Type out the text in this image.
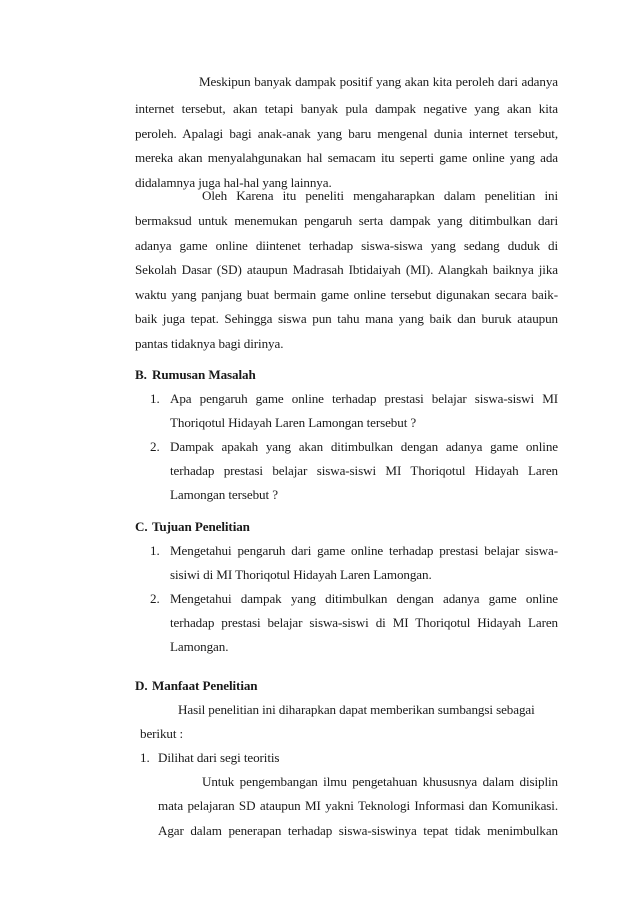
Meskipun banyak dampak positif yang akan kita peroleh dari adanya

internet tersebut, akan tetapi banyak pula dampak negative yang akan kita

peroleh. Apalagi bagi anak-anak yang baru mengenal dunia internet tersebut,

mereka akan menyalahgunakan hal semacam itu seperti game online yang ada

didalamnya juga hal-hal yang lainnya.

Oleh Karena itu peneliti mengaharapkan dalam penelitian ini

bermaksud untuk menemukan pengaruh serta dampak yang ditimbulkan dari

adanya game online diintenet terhadap siswa-siswa yang sedang duduk di

Sekolah Dasar (SD) ataupun Madrasah Ibtidaiyah (MI). Alangkah baiknya jika

waktu yang panjang buat bermain game online tersebut digunakan secara baik-

baik juga tepat. Sehingga siswa pun tahu mana yang baik dan buruk ataupun

pantas tidaknya bagi dirinya.

B. Rumusan Masalah

1. Apa pengaruh game online terhadap prestasi belajar siswa-siswi MI

Thoriqotul Hidayah Laren Lamongan tersebut ?

2. Dampak apakah yang akan ditimbulkan dengan adanya game online

terhadap prestasi belajar siswa-siswi MI Thoriqotul Hidayah Laren

Lamongan tersebut ?

C. Tujuan Penelitian

1. Mengetahui pengaruh dari game online terhadap prestasi belajar siswa-

sisiwi di MI Thoriqotul Hidayah Laren Lamongan.

2. Mengetahui dampak yang ditimbulkan dengan adanya game online

terhadap prestasi belajar siswa-siswi di MI Thoriqotul Hidayah Laren

Lamongan.

D. Manfaat Penelitian

Hasil penelitian ini diharapkan dapat memberikan sumbangsi sebagai

berikut :

1. Dilihat dari segi teoritis

Untuk pengembangan ilmu pengetahuan khususnya dalam disiplin

mata pelajaran SD ataupun MI yakni Teknologi Informasi dan Komunikasi.

Agar dalam penerapan terhadap siswa-siswinya tepat tidak menimbulkan
